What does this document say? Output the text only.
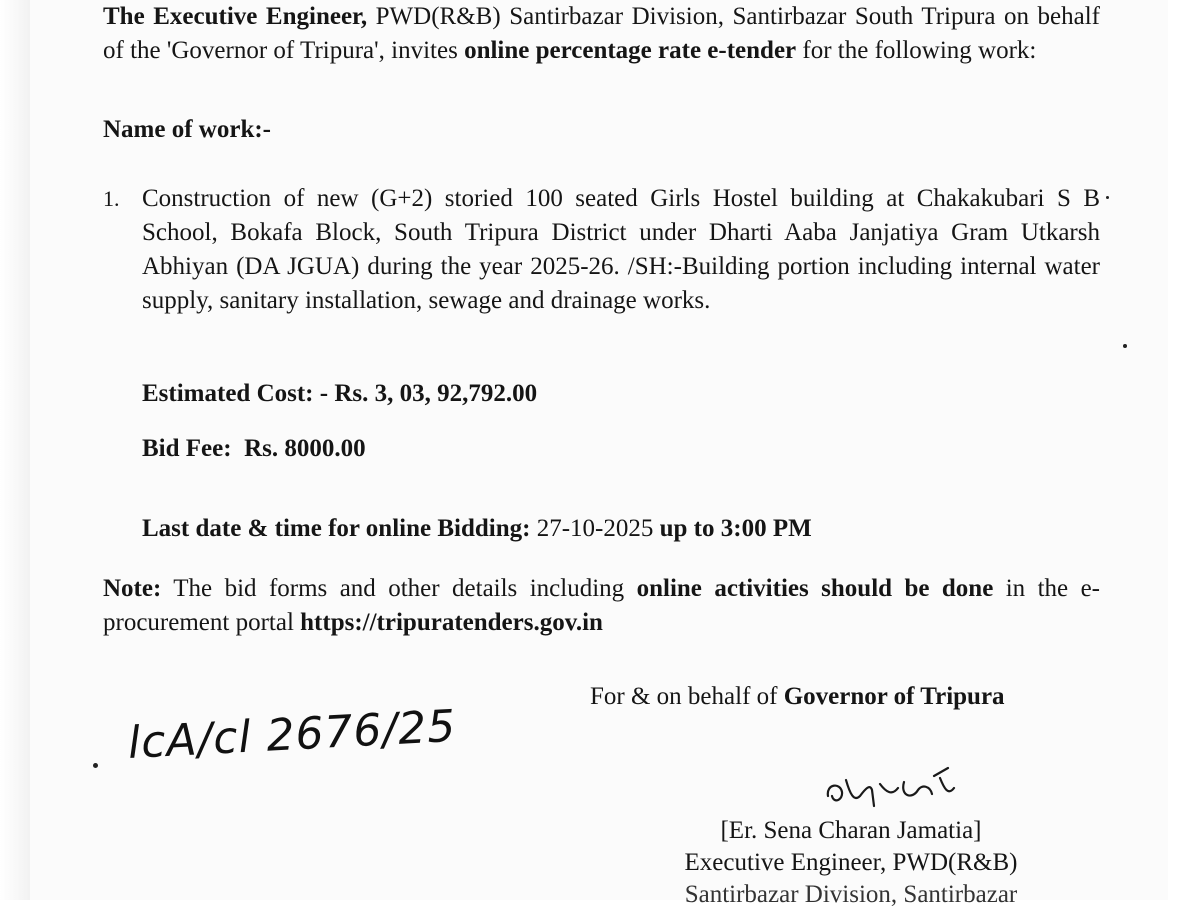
The Executive Engineer, PWD(R&B) Santirbazar Division, Santirbazar South Tripura on behalf of the 'Governor of Tripura', invites online percentage rate e-tender for the following work:

Name of work:-
1. Construction of new (G+2) storied 100 seated Girls Hostel building at Chakakubari S B School, Bokafa Block, South Tripura District under Dharti Aaba Janjatiya Gram Utkarsh Abhiyan (DA JGUA) during the year 2025-26. /SH:-Building portion including internal water supply, sanitary installation, sewage and drainage works.

Estimated Cost: - Rs. 3, 03, 92,792.00
Bid Fee: Rs. 8000.00
Last date & time for online Bidding: 27-10-2025 up to 3:00 PM

Note: The bid forms and other details including online activities should be done in the e-procurement portal https://tripuratenders.gov.in

For & on behalf of Governor of Tripura
lcA/cl 2676/25
[Er. Sena Charan Jamatia]
Executive Engineer, PWD(R&B)
Santirbazar Division, Santirbazar
